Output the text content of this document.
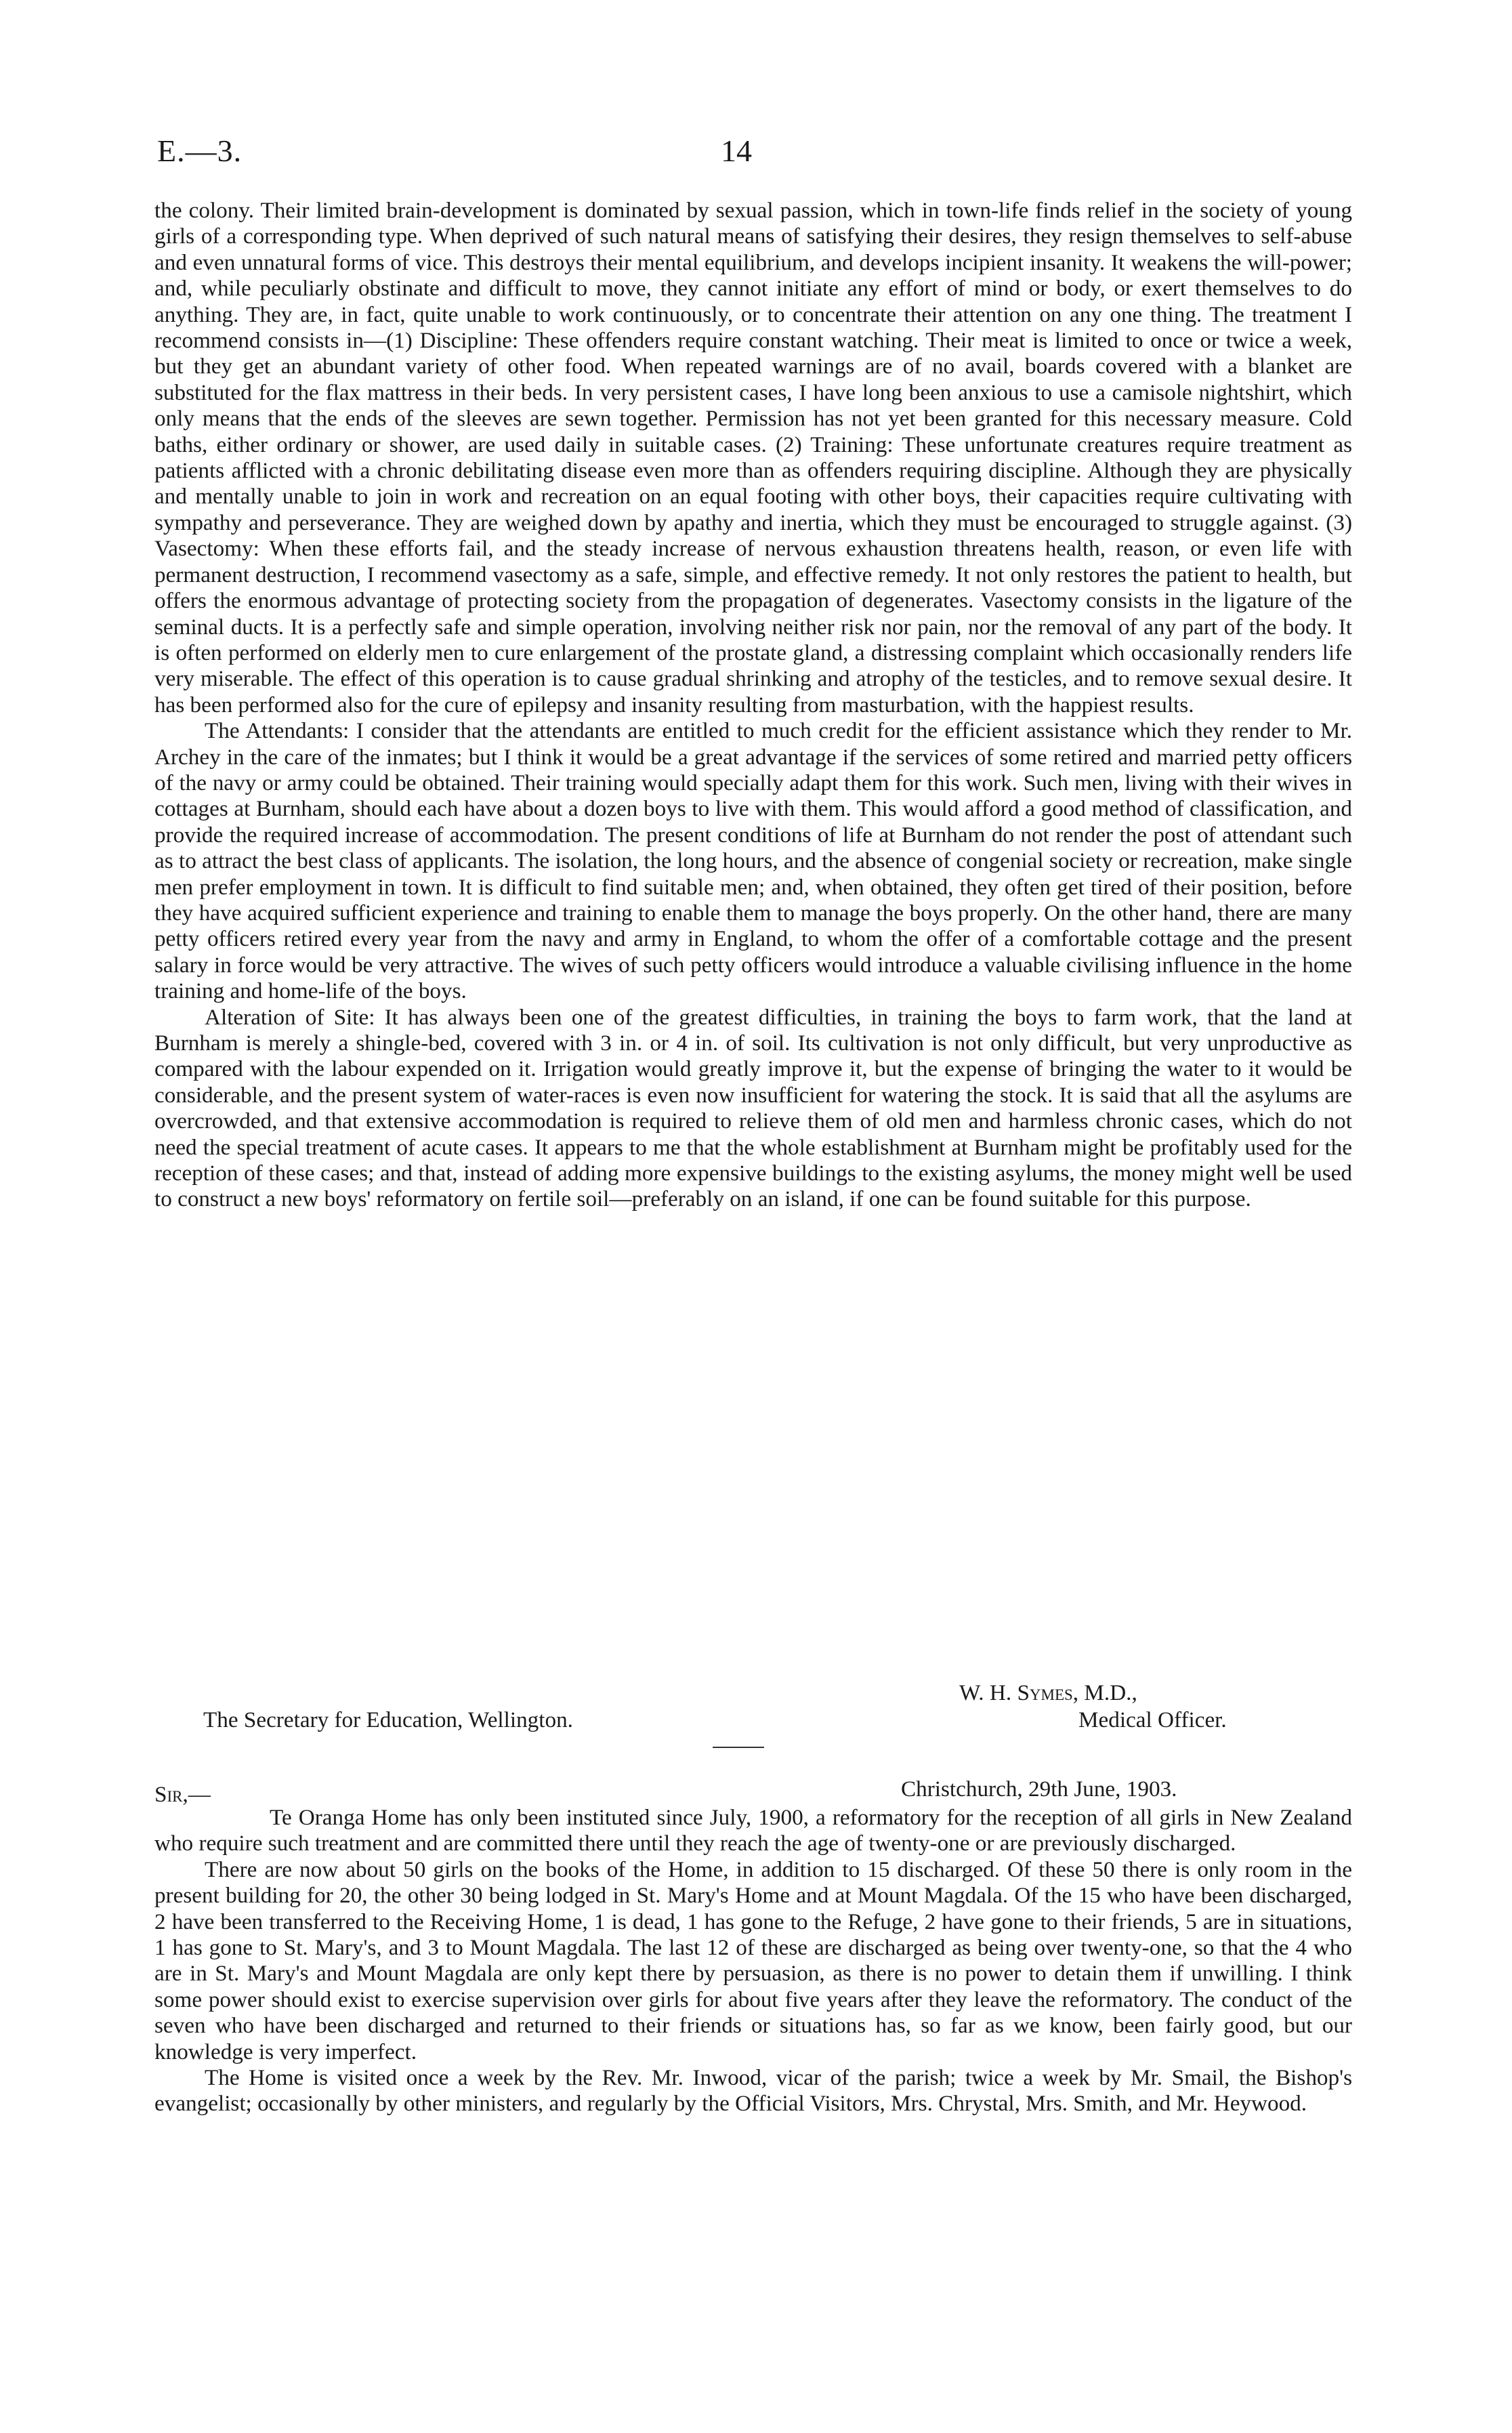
E.—3.	14

the colony. Their limited brain-development is dominated by sexual passion, which in town-life finds relief in the society of young girls of a corresponding type. When deprived of such natural means of satisfying their desires, they resign themselves to self-abuse and even unnatural forms of vice. This destroys their mental equilibrium, and develops incipient insanity. It weakens the will-power; and, while peculiarly obstinate and difficult to move, they cannot initiate any effort of mind or body, or exert themselves to do anything. They are, in fact, quite unable to work continuously, or to concentrate their attention on any one thing. The treatment I recommend consists in—(1) Discipline: These offenders require constant watching. Their meat is limited to once or twice a week, but they get an abundant variety of other food. When repeated warnings are of no avail, boards covered with a blanket are substituted for the flax mattress in their beds. In very persistent cases, I have long been anxious to use a camisole nightshirt, which only means that the ends of the sleeves are sewn together. Permission has not yet been granted for this necessary measure. Cold baths, either ordinary or shower, are used daily in suitable cases. (2) Training: These unfortunate creatures require treatment as patients afflicted with a chronic debilitating disease even more than as offenders requiring discipline. Although they are physically and mentally unable to join in work and recreation on an equal footing with other boys, their capacities require cultivating with sympathy and perseverance. They are weighed down by apathy and inertia, which they must be encouraged to struggle against. (3) Vasectomy: When these efforts fail, and the steady increase of nervous exhaustion threatens health, reason, or even life with permanent destruction, I recommend vasectomy as a safe, simple, and effective remedy. It not only restores the patient to health, but offers the enormous advantage of protecting society from the propagation of degenerates. Vasectomy consists in the ligature of the seminal ducts. It is a perfectly safe and simple operation, involving neither risk nor pain, nor the removal of any part of the body. It is often performed on elderly men to cure enlargement of the prostate gland, a distressing complaint which occasionally renders life very miserable. The effect of this operation is to cause gradual shrinking and atrophy of the testicles, and to remove sexual desire. It has been performed also for the cure of epilepsy and insanity resulting from masturbation, with the happiest results.

The Attendants: I consider that the attendants are entitled to much credit for the efficient assistance which they render to Mr. Archey in the care of the inmates; but I think it would be a great advantage if the services of some retired and married petty officers of the navy or army could be obtained. Their training would specially adapt them for this work. Such men, living with their wives in cottages at Burnham, should each have about a dozen boys to live with them. This would afford a good method of classification, and provide the required increase of accommodation. The present conditions of life at Burnham do not render the post of attendant such as to attract the best class of applicants. The isolation, the long hours, and the absence of congenial society or recreation, make single men prefer employment in town. It is difficult to find suitable men; and, when obtained, they often get tired of their position, before they have acquired sufficient experience and training to enable them to manage the boys properly. On the other hand, there are many petty officers retired every year from the navy and army in England, to whom the offer of a comfortable cottage and the present salary in force would be very attractive. The wives of such petty officers would introduce a valuable civilising influence in the home training and home-life of the boys.

Alteration of Site: It has always been one of the greatest difficulties, in training the boys to farm work, that the land at Burnham is merely a shingle-bed, covered with 3 in. or 4 in. of soil. Its cultivation is not only difficult, but very unproductive as compared with the labour expended on it. Irrigation would greatly improve it, but the expense of bringing the water to it would be considerable, and the present system of water-races is even now insufficient for watering the stock. It is said that all the asylums are overcrowded, and that extensive accommodation is required to relieve them of old men and harmless chronic cases, which do not need the special treatment of acute cases. It appears to me that the whole establishment at Burnham might be profitably used for the reception of these cases; and that, instead of adding more expensive buildings to the existing asylums, the money might well be used to construct a new boys' reformatory on fertile soil—preferably on an island, if one can be found suitable for this purpose.

W. H. Symes, M.D.,
The Secretary for Education, Wellington.	Medical Officer.
Sir,—	Christchurch, 29th June, 1903.

Te Oranga Home has only been instituted since July, 1900, a reformatory for the reception of all girls in New Zealand who require such treatment and are committed there until they reach the age of twenty-one or are previously discharged.

There are now about 50 girls on the books of the Home, in addition to 15 discharged. Of these 50 there is only room in the present building for 20, the other 30 being lodged in St. Mary's Home and at Mount Magdala. Of the 15 who have been discharged, 2 have been transferred to the Receiving Home, 1 is dead, 1 has gone to the Refuge, 2 have gone to their friends, 5 are in situations, 1 has gone to St. Mary's, and 3 to Mount Magdala. The last 12 of these are discharged as being over twenty-one, so that the 4 who are in St. Mary's and Mount Magdala are only kept there by persuasion, as there is no power to detain them if unwilling. I think some power should exist to exercise supervision over girls for about five years after they leave the reformatory. The conduct of the seven who have been discharged and returned to their friends or situations has, so far as we know, been fairly good, but our knowledge is very imperfect.

The Home is visited once a week by the Rev. Mr. Inwood, vicar of the parish; twice a week by Mr. Smail, the Bishop's evangelist; occasionally by other ministers, and regularly by the Official Visitors, Mrs. Chrystal, Mrs. Smith, and Mr. Heywood.
